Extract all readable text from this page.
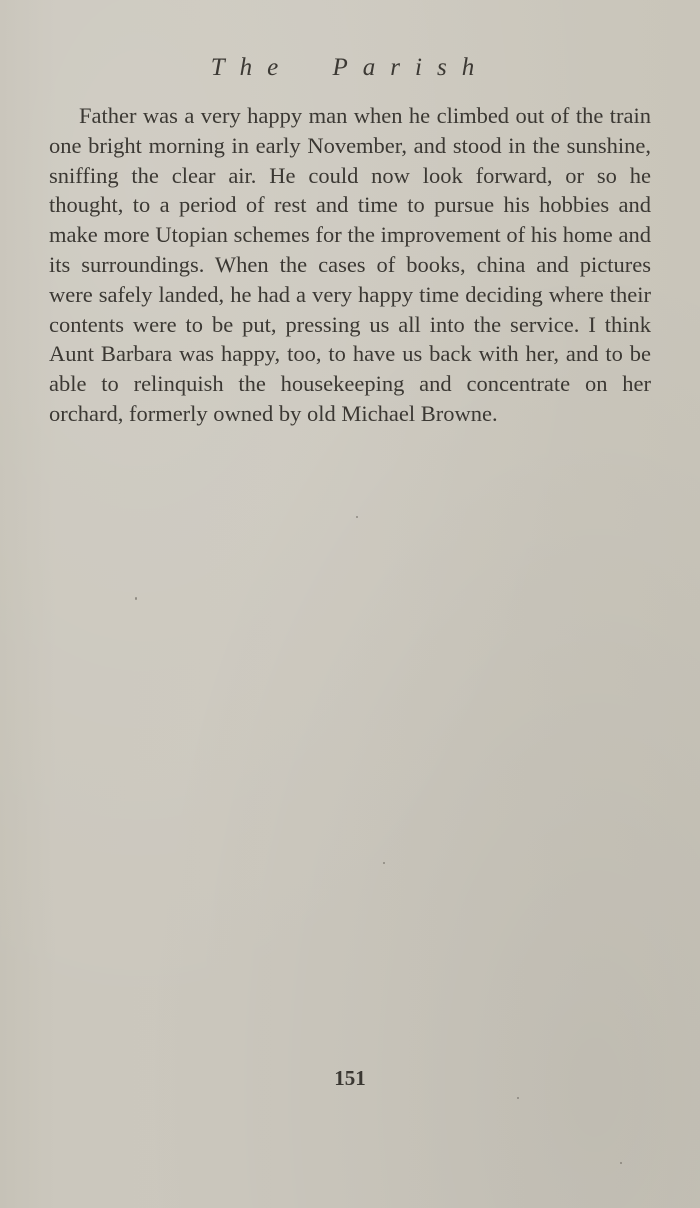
The Parish

Father was a very happy man when he climbed out of the train one bright morning in early November, and stood in the sunshine, sniffing the clear air. He could now look forward, or so he thought, to a period of rest and time to pursue his hobbies and make more Utopian schemes for the improvement of his home and its surroundings. When the cases of books, china and pictures were safely landed, he had a very happy time deciding where their contents were to be put, pressing us all into the service. I think Aunt Barbara was happy, too, to have us back with her, and to be able to relinquish the housekeeping and concentrate on her orchard, formerly owned by old Michael Browne.

151
